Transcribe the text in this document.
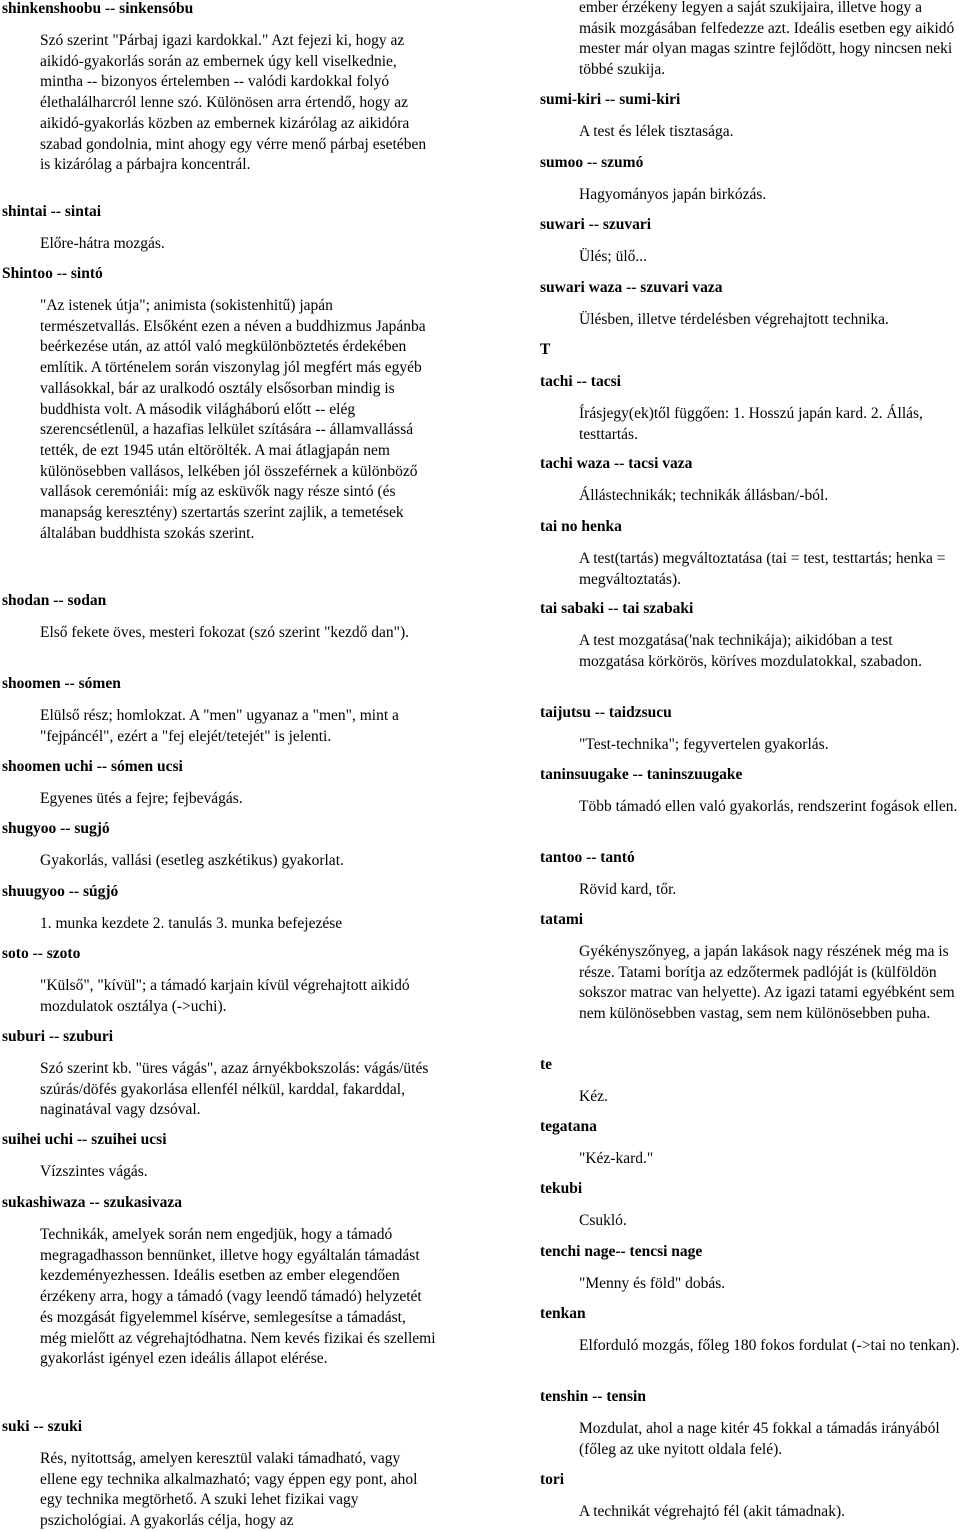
shinkenshoobu -- sinkensóbu
Szó szerint "Párbaj igazi kardokkal." Azt fejezi ki, hogy az aikidó-gyakorlás során az embernek úgy kell viselkednie, mintha -- bizonyos értelemben -- valódi kardokkal folyó élethalálharcról lenne szó. Különösen arra értendő, hogy az aikidó-gyakorlás közben az embernek kizárólag az aikidóra szabad gondolnia, mint ahogy egy vérre menő párbaj esetében is kizárólag a párbajra koncentrál.
shintai -- sintai
Előre-hátra mozgás.
Shintoo -- sintó
"Az istenek útja"; animista (sokistenhitű) japán természetvallás. Elsőként ezen a néven a buddhizmus Japánba beérkezése után, az attól való megkülönböztetés érdekében említik. A történelem során viszonylag jól megfért más egyéb vallásokkal, bár az uralkodó osztály elsősorban mindig is buddhista volt. A második világháború előtt -- elég szerencsétlenül, a hazafias lelkület szítására -- államvallássá tették, de ezt 1945 után eltörölték. A mai átlagjapán nem különösebben vallásos, lelkében jól összeférnek a különböző vallások ceremóniái: míg az esküvők nagy része sintó (és manapság keresztény) szertartás szerint zajlik, a temetések általában buddhista szokás szerint.
shodan -- sodan
Első fekete öves, mesteri fokozat (szó szerint "kezdő dan").
shoomen -- sómen
Elülső rész; homlokzat. A "men" ugyanaz a "men", mint a "fejpáncél", ezért a "fej elejét/tetejét" is jelenti.
shoomen uchi -- sómen ucsi
Egyenes ütés a fejre; fejbevágás.
shugyoo -- sugjó
Gyakorlás, vallási (esetleg aszkétikus) gyakorlat.
shuugyoo -- súgjó
1. munka kezdete 2. tanulás 3. munka befejezése
soto -- szoto
"Külső", "kívül"; a támadó karjain kívül végrehajtott aikidó mozdulatok osztálya (->uchi).
suburi -- szuburi
Szó szerint kb. "üres vágás", azaz árnyékbokszolás: vágás/ütés szúrás/döfés gyakorlása ellenfél nélkül, karddal, fakarddal, naginatával vagy dzsóval.
suihei uchi -- szuihei ucsi
Vízszintes vágás.
sukashiwaza -- szukasivaza
Technikák, amelyek során nem engedjük, hogy a támadó megragadhasson bennünket, illetve hogy egyáltalán támadást kezdeményezhessen. Ideális esetben az ember elegendően érzékeny arra, hogy a támadó (vagy leendő támadó) helyzetét és mozgását figyelemmel kísérve, semlegesítse a támadást, még mielőtt az végrehajtódhatna. Nem kevés fizikai és szellemi gyakorlást igényel ezen ideális állapot elérése.
suki -- szuki
Rés, nyitottság, amelyen keresztül valaki támadható, vagy ellene egy technika alkalmazható; vagy éppen egy pont, ahol egy technika megtörhető. A szuki lehet fizikai vagy pszichológiai. A gyakorlás célja, hogy az
ember érzékeny legyen a saját szukijaira, illetve hogy a másik mozgásában felfedezze azt. Ideális esetben egy aikidó mester már olyan magas szintre fejlődött, hogy nincsen neki többé szukija.
sumi-kiri -- sumi-kiri
A test és lélek tisztasága.
sumoo -- szumó
Hagyományos japán birkózás.
suwari -- szuvari
Ülés; ülő...
suwari waza -- szuvari vaza
Ülésben, illetve térdelésben végrehajtott technika.
T
tachi -- tacsi
Írásjegy(ek)től függően: 1. Hosszú japán kard. 2. Állás, testtartás.
tachi waza -- tacsi vaza
Állástechnikák; technikák állásban/-ból.
tai no henka
A test(tartás) megváltoztatása (tai = test, testtartás; henka = megváltoztatás).
tai sabaki -- tai szabaki
A test mozgatása('nak technikája); aikidóban a test mozgatása körkörös, köríves mozdulatokkal, szabadon.
taijutsu -- taidzsucu
"Test-technika"; fegyvertelen gyakorlás.
taninsuugake -- taninszuugake
Több támadó ellen való gyakorlás, rendszerint fogások ellen.
tantoo -- tantó
Rövid kard, tőr.
tatami
Gyékényszőnyeg, a japán lakások nagy részének még ma is része. Tatami borítja az edzőtermek padlóját is (külföldön sokszor matrac van helyette). Az igazi tatami egyébként sem nem különösebben vastag, sem nem különösebben puha.
te
Kéz.
tegatana
"Kéz-kard."
tekubi
Csukló.
tenchi nage-- tencsi nage
"Menny és föld" dobás.
tenkan
Elforduló mozgás, főleg 180 fokos fordulat (->tai no tenkan).
tenshin -- tensin
Mozdulat, ahol a nage kitér 45 fokkal a támadás irányából (főleg az uke nyitott oldala felé).
tori
A technikát végrehajtó fél (akit támadnak).
